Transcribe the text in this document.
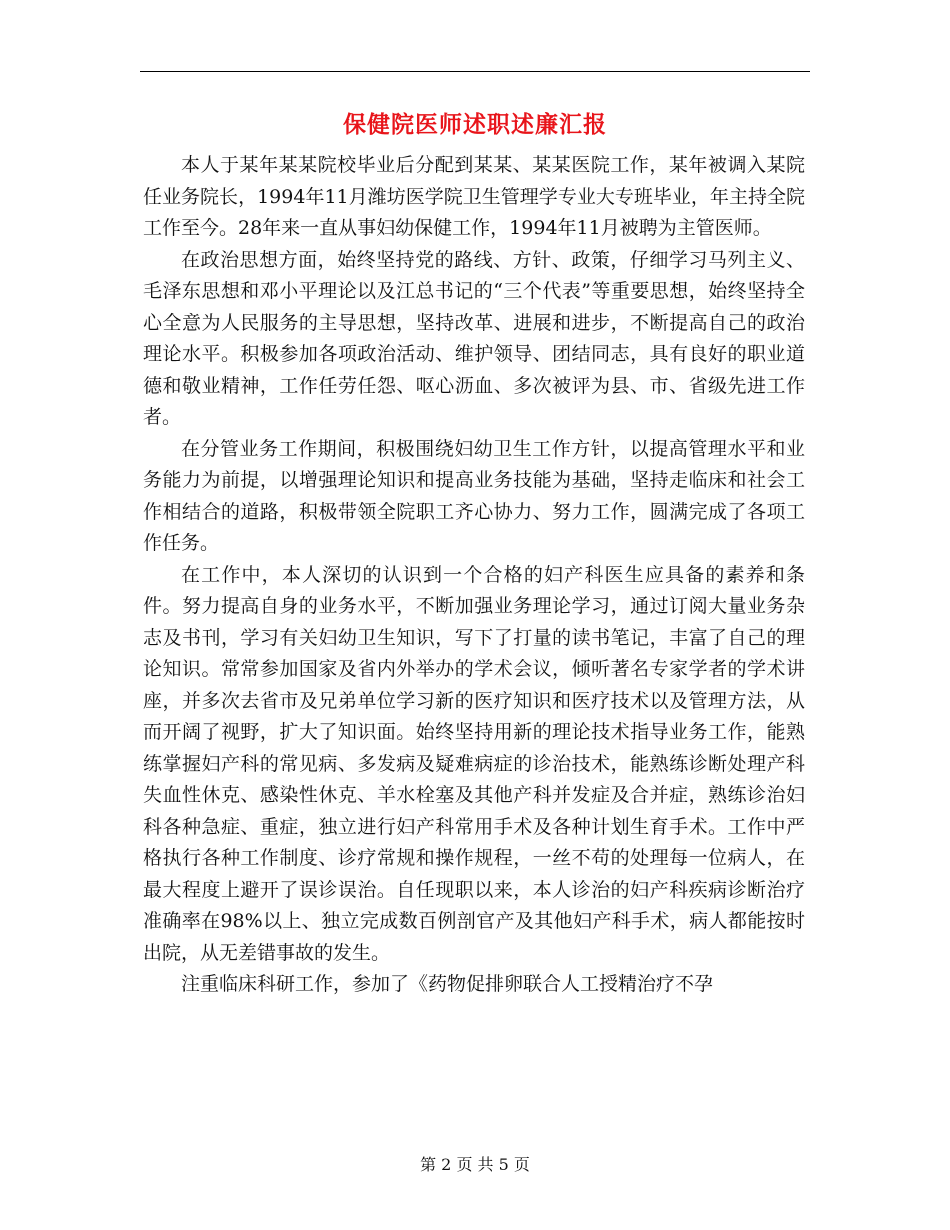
保健院医师述职述廉汇报

本人于某年某某院校毕业后分配到某某、某某医院工作，某年被调入某院任业务院长，1994年11月潍坊医学院卫生管理学专业大专班毕业，年主持全院工作至今。28年来一直从事妇幼保健工作，1994年11月被聘为主管医师。

在政治思想方面，始终坚持党的路线、方针、政策，仔细学习马列主义、毛泽东思想和邓小平理论以及江总书记的“三个代表”等重要思想，始终坚持全心全意为人民服务的主导思想，坚持改革、进展和进步，不断提高自己的政治理论水平。积极参加各项政治活动、维护领导、团结同志，具有良好的职业道德和敬业精神，工作任劳任怨、呕心沥血、多次被评为县、市、省级先进工作者。

在分管业务工作期间，积极围绕妇幼卫生工作方针，以提高管理水平和业务能力为前提，以增强理论知识和提高业务技能为基础，坚持走临床和社会工作相结合的道路，积极带领全院职工齐心协力、努力工作，圆满完成了各项工作任务。

在工作中，本人深切的认识到一个合格的妇产科医生应具备的素养和条件。努力提高自身的业务水平，不断加强业务理论学习，通过订阅大量业务杂志及书刊，学习有关妇幼卫生知识，写下了打量的读书笔记，丰富了自己的理论知识。常常参加国家及省内外举办的学术会议，倾听著名专家学者的学术讲座，并多次去省市及兄弟单位学习新的医疗知识和医疗技术以及管理方法，从而开阔了视野，扩大了知识面。始终坚持用新的理论技术指导业务工作，能熟练掌握妇产科的常见病、多发病及疑难病症的诊治技术，能熟练诊断处理产科失血性休克、感染性休克、羊水栓塞及其他产科并发症及合并症，熟练诊治妇科各种急症、重症，独立进行妇产科常用手术及各种计划生育手术。工作中严格执行各种工作制度、诊疗常规和操作规程，一丝不苟的处理每一位病人，在最大程度上避开了误诊误治。自任现职以来，本人诊治的妇产科疾病诊断治疗准确率在98%以上、独立完成数百例剖官产及其他妇产科手术，病人都能按时出院，从无差错事故的发生。

注重临床科研工作，参加了《药物促排卵联合人工授精治疗不孕

第 2 页 共 5 页
